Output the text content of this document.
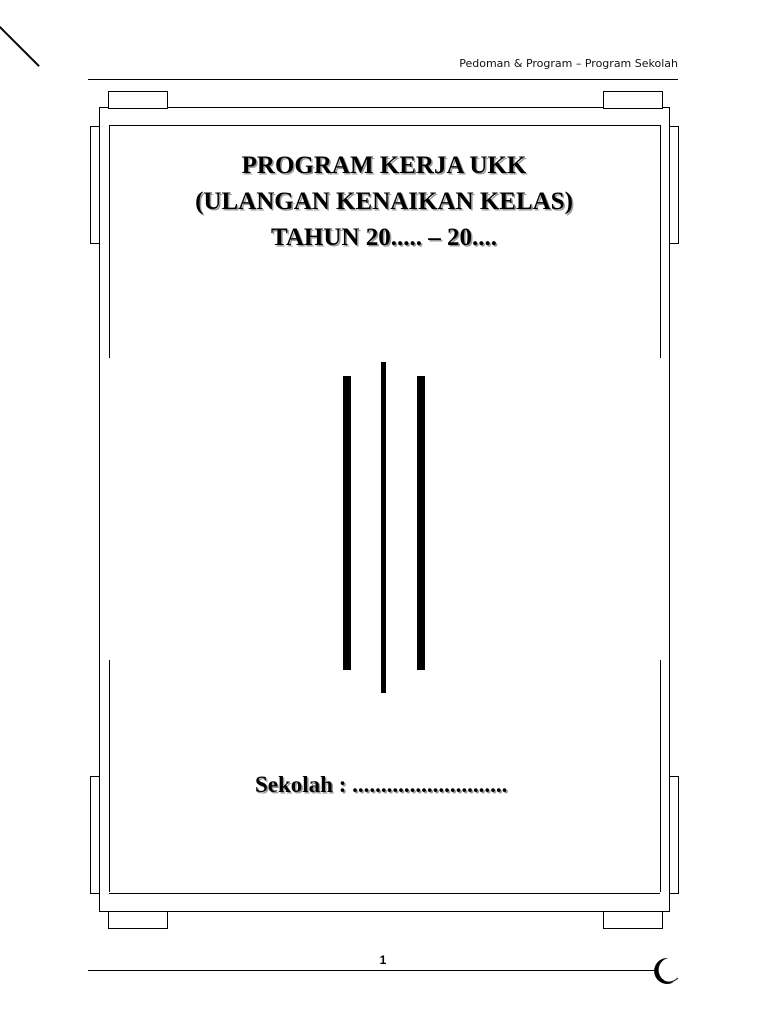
Pedoman & Program – Program Sekolah
PROGRAM KERJA UKK
(ULANGAN KENAIKAN KELAS)
TAHUN 20..... – 20....
Sekolah : ...........................
1
